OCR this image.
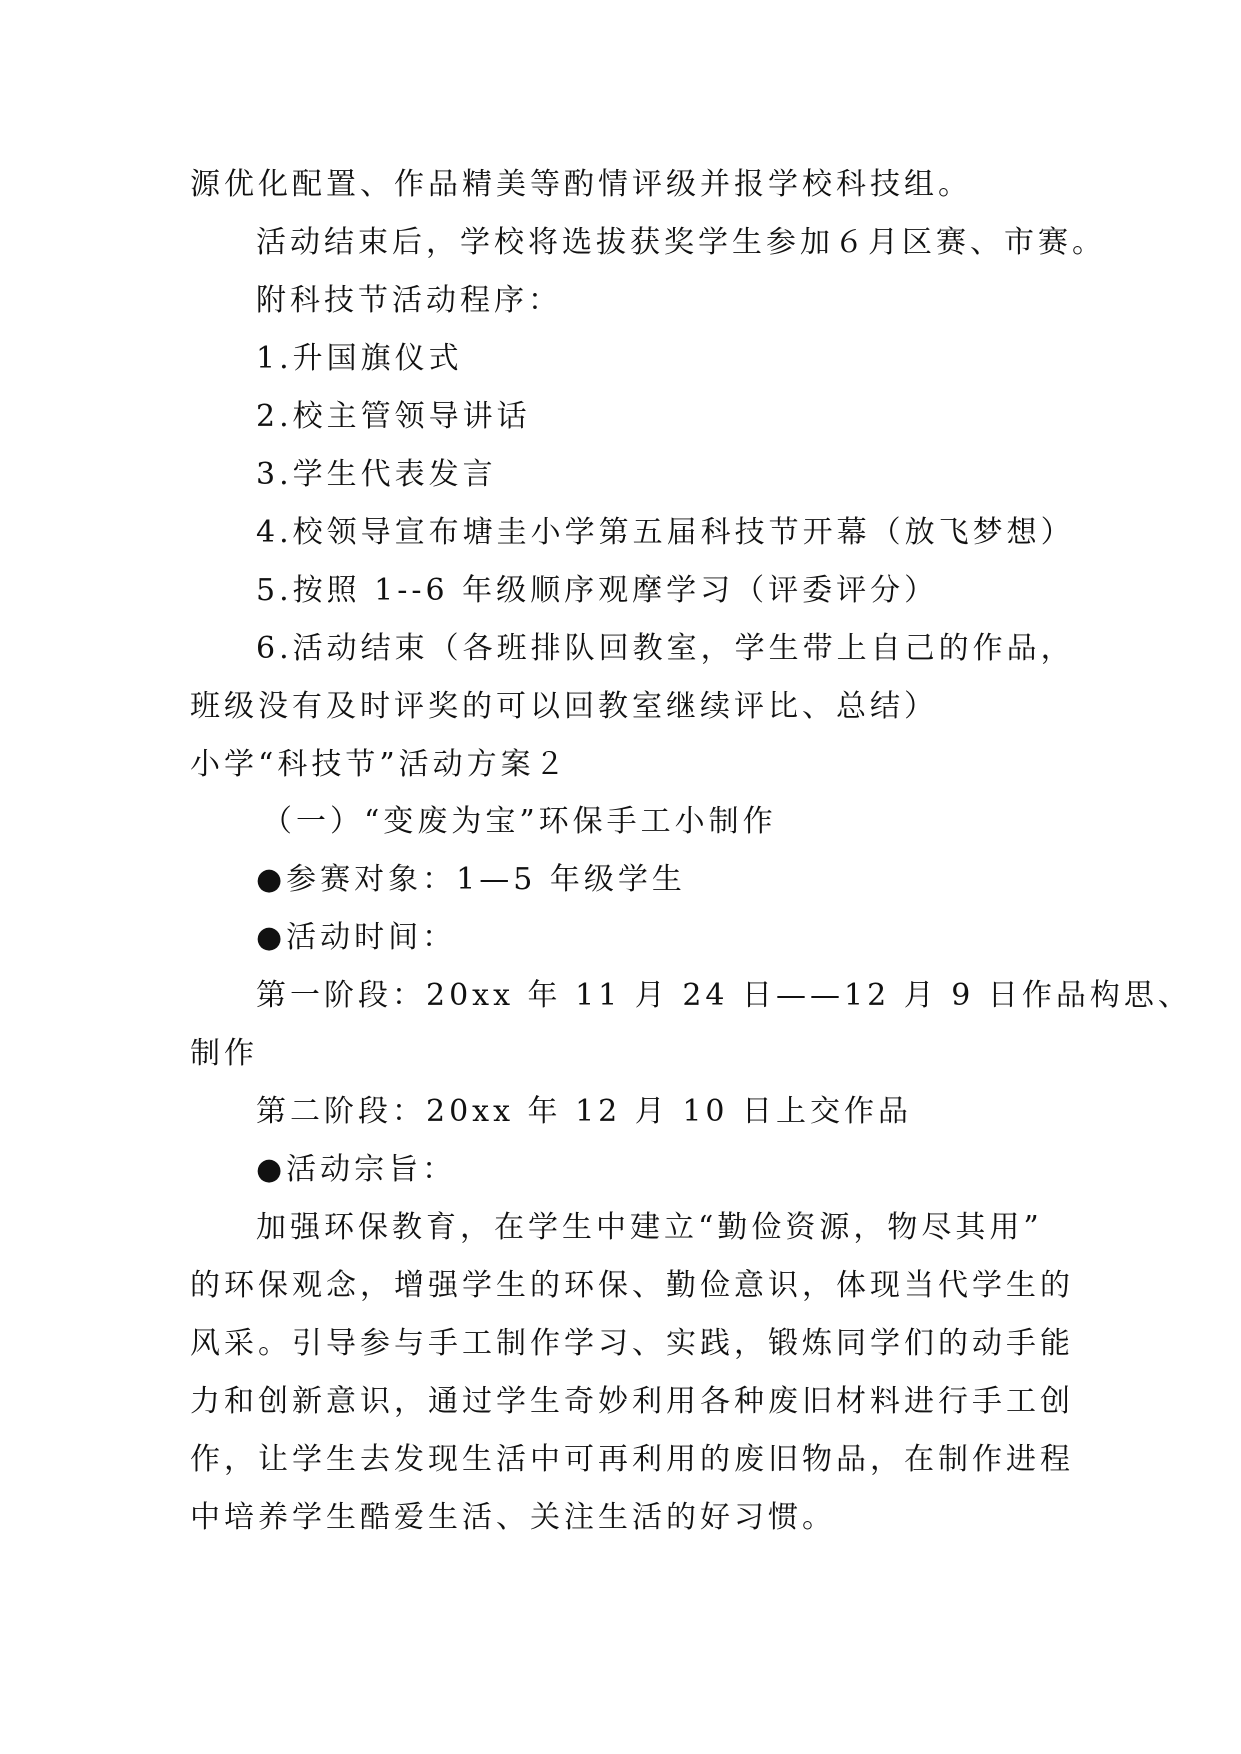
源优化配置、作品精美等酌情评级并报学校科技组。
活动结束后，学校将选拔获奖学生参加６月区赛、市赛。
附科技节活动程序：
1.升国旗仪式
2.校主管领导讲话
3.学生代表发言
4.校领导宣布塘圭小学第五届科技节开幕（放飞梦想）
5.按照 1--6 年级顺序观摩学习（评委评分）
6.活动结束（各班排队回教室，学生带上自己的作品，
班级没有及时评奖的可以回教室继续评比、总结）
小学“科技节”活动方案２
（一）“变废为宝”环保手工小制作
●参赛对象：1—5 年级学生
●活动时间：
第一阶段：20xx 年 11 月 24 日——12 月 9 日作品构思、
制作
第二阶段：20xx 年 12 月 10 日上交作品
●活动宗旨：
加强环保教育，在学生中建立“勤俭资源，物尽其用”
的环保观念，增强学生的环保、勤俭意识，体现当代学生的
风采。引导参与手工制作学习、实践，锻炼同学们的动手能
力和创新意识，通过学生奇妙利用各种废旧材料进行手工创
作，让学生去发现生活中可再利用的废旧物品，在制作进程
中培养学生酷爱生活、关注生活的好习惯。
